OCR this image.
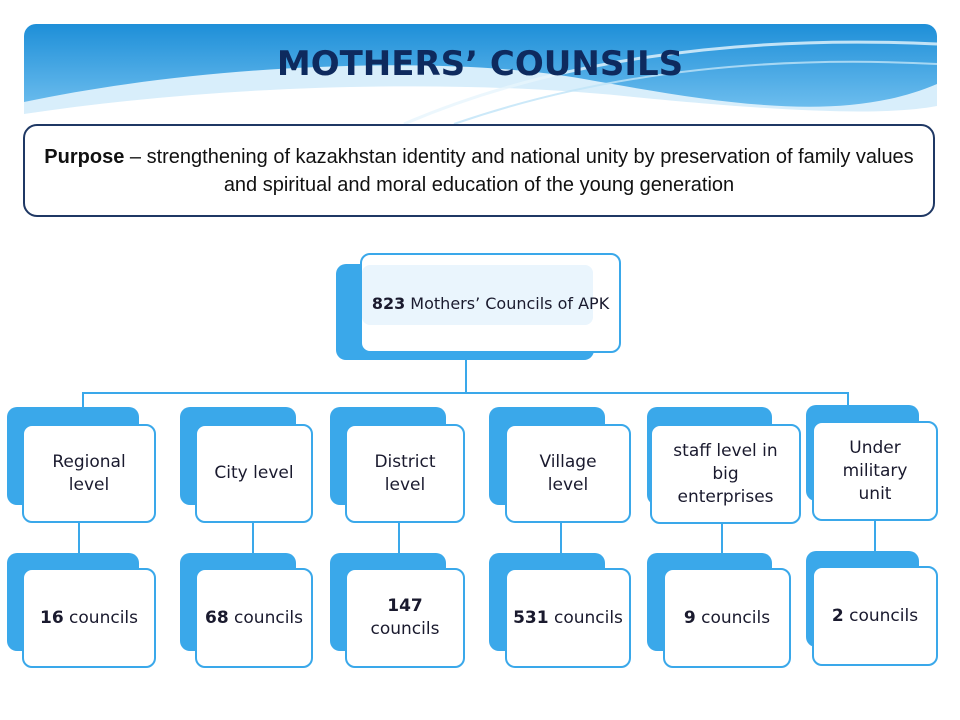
MOTHERS’ COUNSILS
Purpose – strengthening of kazakhstan identity and national unity by preservation of family values and spiritual and moral education of the young generation
823 Mothers’ Councils of APK
Regional level
City level
District level
Village level
staff level in big enterprises
Under military unit
16 councils	68 councils
147 councils
531 councils	9 councils	2 councils
